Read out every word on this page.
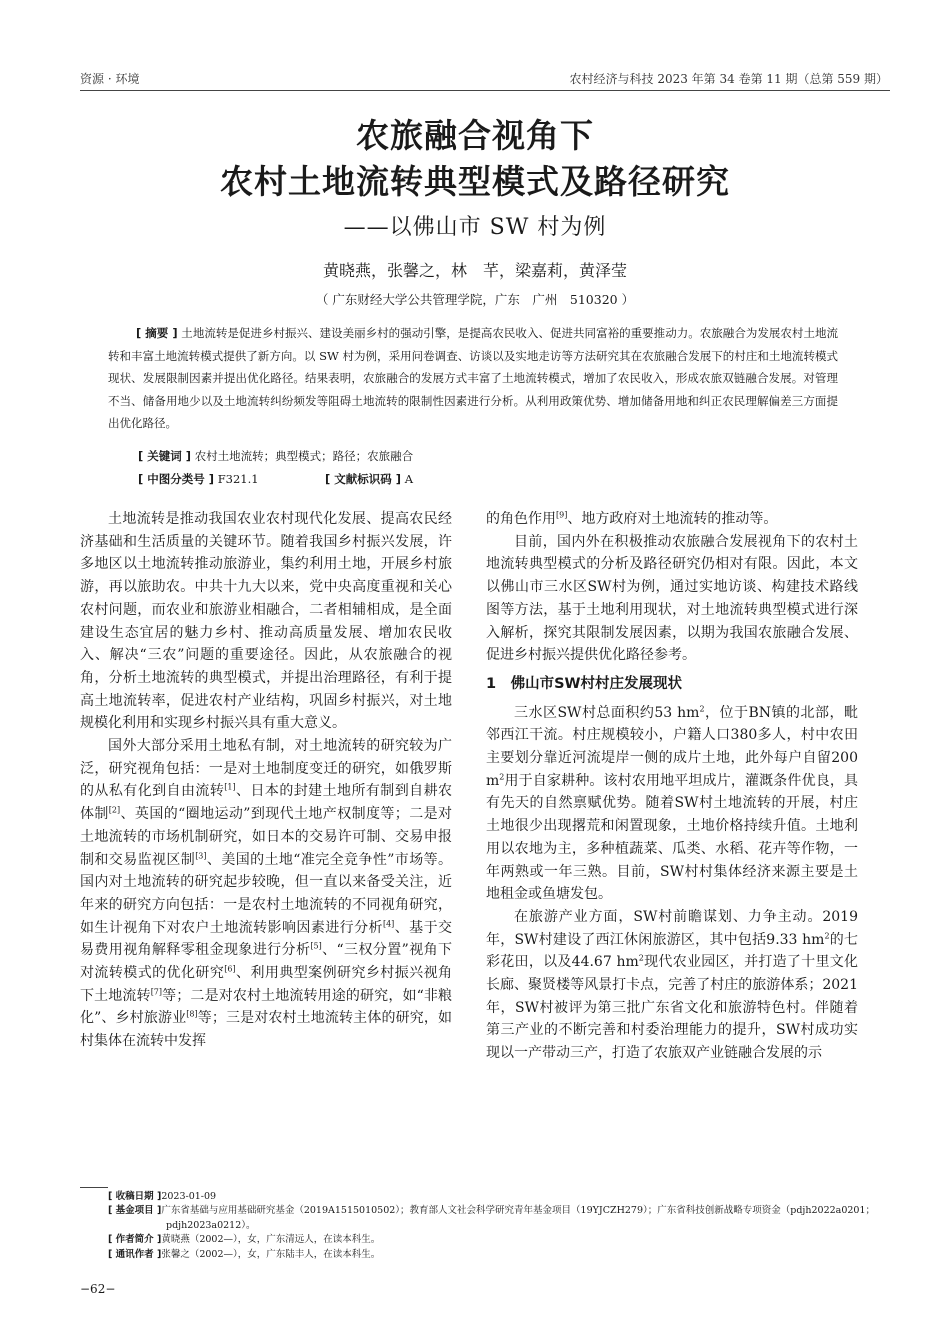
资源 · 环境	农村经济与科技 2023 年第 34 卷第 11 期（总第 559 期）
农旅融合视角下
农村土地流转典型模式及路径研究
——以佛山市 SW 村为例
黄晓燕，张馨之，林　芊，梁嘉莉，黄泽莹
（ 广东财经大学公共管理学院，广东　广州　510320 ）
[ 摘要 ] 土地流转是促进乡村振兴、建设美丽乡村的强动引擎，是提高农民收入、促进共同富裕的重要推动力。农旅融合为发展农村土地流转和丰富土地流转模式提供了新方向。以 SW 村为例，采用问卷调查、访谈以及实地走访等方法研究其在农旅融合发展下的村庄和土地流转模式现状、发展限制因素并提出优化路径。结果表明，农旅融合的发展方式丰富了土地流转模式，增加了农民收入，形成农旅双链融合发展。对管理不当、储备用地少以及土地流转纠纷频发等阻碍土地流转的限制性因素进行分析。从利用政策优势、增加储备用地和纠正农民理解偏差三方面提出优化路径。
[ 关键词 ] 农村土地流转；典型模式；路径；农旅融合
[ 中图分类号 ] F321.1	[ 文献标识码 ] A

土地流转是推动我国农业农村现代化发展、提高农民经济基础和生活质量的关键环节。随着我国乡村振兴发展，许多地区以土地流转推动旅游业，集约利用土地，开展乡村旅游，再以旅助农。中共十九大以来，党中央高度重视和关心农村问题，而农业和旅游业相融合，二者相辅相成，是全面建设生态宜居的魅力乡村、推动高质量发展、增加农民收入、解决“三农”问题的重要途径。因此，从农旅融合的视角，分析土地流转的典型模式，并提出治理路径，有利于提高土地流转率，促进农村产业结构，巩固乡村振兴，对土地规模化利用和实现乡村振兴具有重大意义。

国外大部分采用土地私有制，对土地流转的研究较为广泛，研究视角包括：一是对土地制度变迁的研究，如俄罗斯的从私有化到自由流转[1]、日本的封建土地所有制到自耕农体制[2]、英国的“圈地运动”到现代土地产权制度等；二是对土地流转的市场机制研究，如日本的交易许可制、交易申报制和交易监视区制[3]、美国的土地“准完全竞争性”市场等。国内对土地流转的研究起步较晚，但一直以来备受关注，近年来的研究方向包括：一是农村土地流转的不同视角研究，如生计视角下对农户土地流转影响因素进行分析[4]、基于交易费用视角解释零租金现象进行分析[5]、“三权分置”视角下对流转模式的优化研究[6]、利用典型案例研究乡村振兴视角下土地流转[7]等；二是对农村土地流转用途的研究，如“非粮化”、乡村旅游业[8]等；三是对农村土地流转主体的研究，如村集体在流转中发挥

的角色作用[9]、地方政府对土地流转的推动等。

目前，国内外在积极推动农旅融合发展视角下的农村土地流转典型模式的分析及路径研究仍相对有限。因此，本文以佛山市三水区SW村为例，通过实地访谈、构建技术路线图等方法，基于土地利用现状，对土地流转典型模式进行深入解析，探究其限制发展因素，以期为我国农旅融合发展、促进乡村振兴提供优化路径参考。

1　佛山市SW村村庄发展现状

三水区SW村总面积约53 $hm^2$，位于BN镇的北部，毗邻西江干流。村庄规模较小，户籍人口380多人，村中农田主要划分靠近河流堤岸一侧的成片土地，此外每户自留200 $m^2$用于自家耕种。该村农用地平坦成片，灌溉条件优良，具有先天的自然禀赋优势。随着SW村土地流转的开展，村庄土地很少出现撂荒和闲置现象，土地价格持续升值。土地利用以农地为主，多种植蔬菜、瓜类、水稻、花卉等作物，一年两熟或一年三熟。目前，SW村村集体经济来源主要是土地租金或鱼塘发包。

在旅游产业方面，SW村前瞻谋划、力争主动。2019年，SW村建设了西江休闲旅游区，其中包括9.33 $hm^2$的七彩花田，以及44.67 $hm^2$现代农业园区，并打造了十里文化长廊、聚贤楼等风景打卡点，完善了村庄的旅游体系；2021年，SW村被评为第三批广东省文化和旅游特色村。伴随着第三产业的不断完善和村委治理能力的提升，SW村成功实现以一产带动三产，打造了农旅双产业链融合发展的示

[ 收稿日期 ]2023-01-09
[ 基金项目 ]广东省基础与应用基础研究基金（2019A1515010502）；教育部人文社会科学研究青年基金项目（19YJCZH279）；广东省科技创新战略专项资金（pdjh2022a0201；pdjh2023a0212）。
[ 作者简介 ]黄晓燕（2002—），女，广东清远人，在读本科生。
[ 通讯作者 ]张馨之（2002—），女，广东陆丰人，在读本科生。
−62−
